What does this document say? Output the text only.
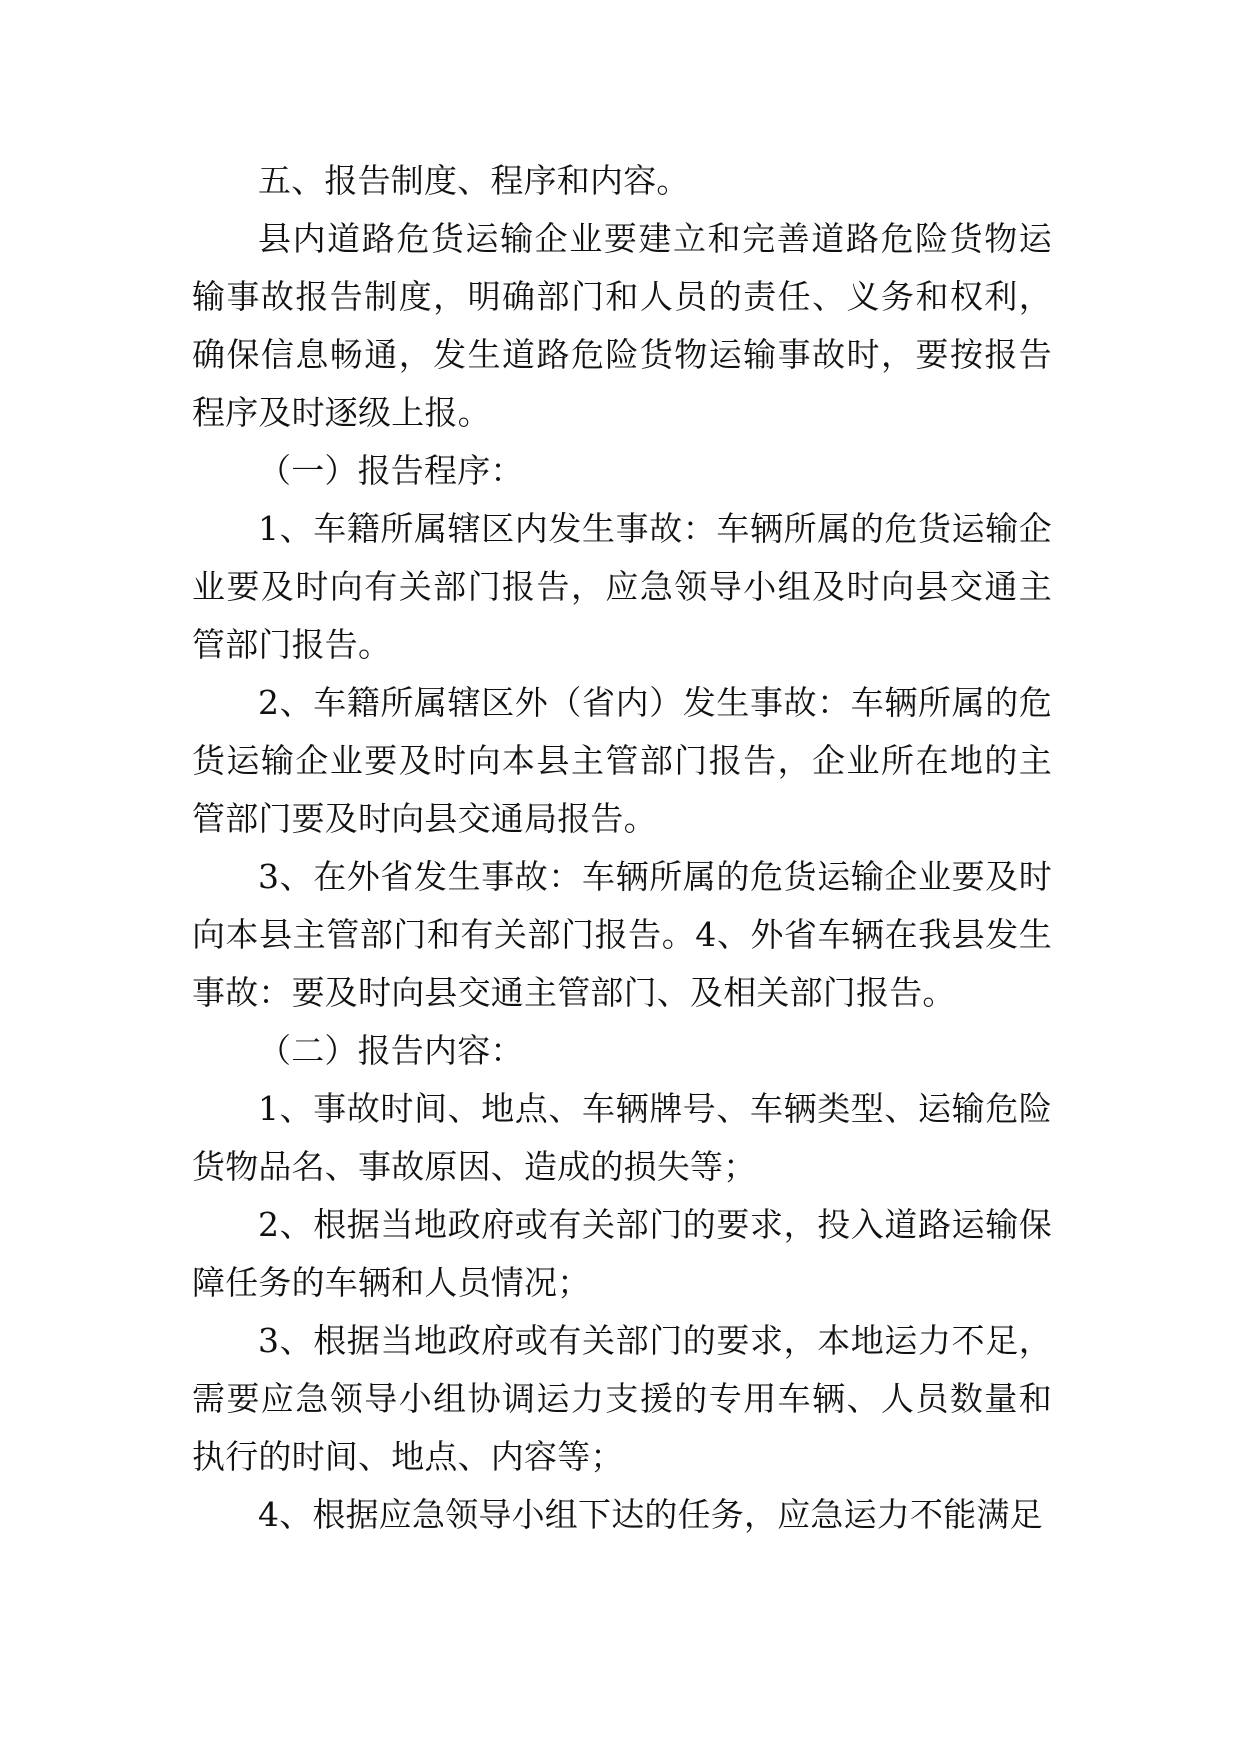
五、报告制度、程序和内容。

县内道路危货运输企业要建立和完善道路危险货物运输事故报告制度，明确部门和人员的责任、义务和权利，确保信息畅通，发生道路危险货物运输事故时，要按报告程序及时逐级上报。

（一）报告程序：

1、车籍所属辖区内发生事故：车辆所属的危货运输企业要及时向有关部门报告，应急领导小组及时向县交通主管部门报告。

2、车籍所属辖区外（省内）发生事故：车辆所属的危货运输企业要及时向本县主管部门报告，企业所在地的主管部门要及时向县交通局报告。

3、在外省发生事故：车辆所属的危货运输企业要及时向本县主管部门和有关部门报告。4、外省车辆在我县发生事故：要及时向县交通主管部门、及相关部门报告。

（二）报告内容：

1、事故时间、地点、车辆牌号、车辆类型、运输危险货物品名、事故原因、造成的损失等；

2、根据当地政府或有关部门的要求，投入道路运输保障任务的车辆和人员情况；

3、根据当地政府或有关部门的要求，本地运力不足，需要应急领导小组协调运力支援的专用车辆、人员数量和执行的时间、地点、内容等；

4、根据应急领导小组下达的任务，应急运力不能满足
